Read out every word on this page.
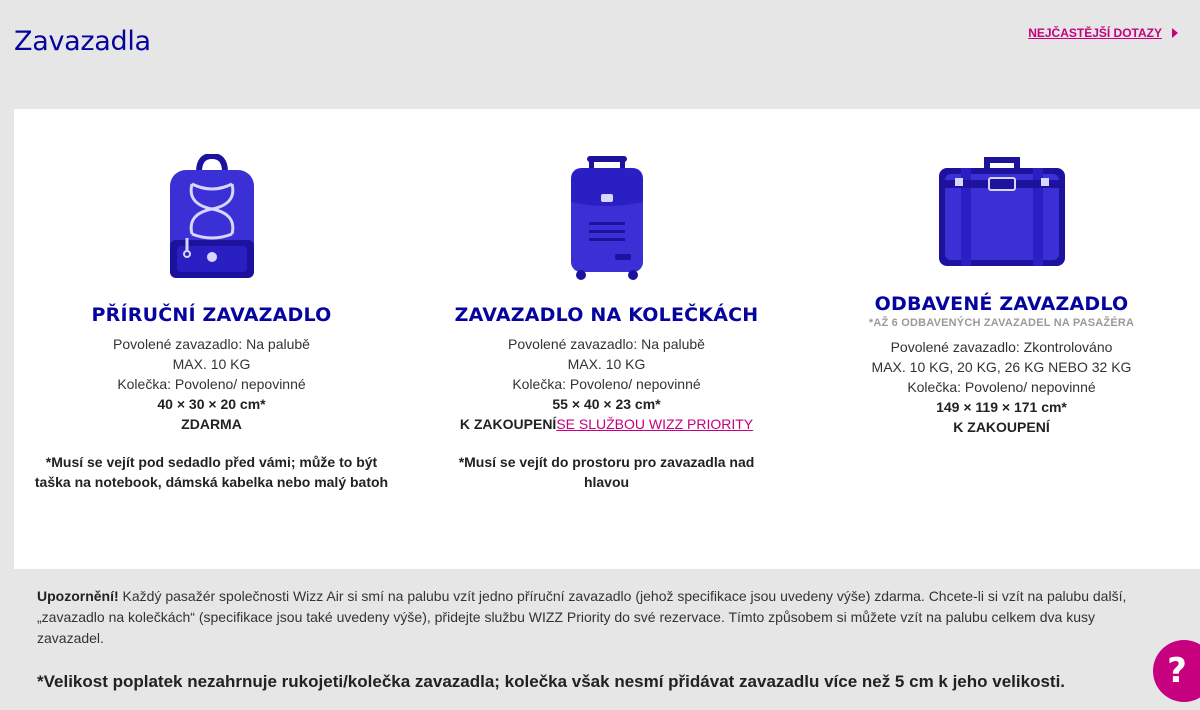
Zavazadla	NEJČASTĚJŠÍ DOTAZY
PŘÍRUČNÍ ZAVAZADLO
Povolené zavazadlo: Na palubě
MAX. 10 KG
Kolečka: Povoleno/ nepovinné
40 × 30 × 20 cm*
ZDARMA
*Musí se vejít pod sedadlo před vámi; může to být taška na notebook, dámská kabelka nebo malý batoh
ZAVAZADLO NA KOLEČKÁCH
Povolené zavazadlo: Na palubě
MAX. 10 KG
Kolečka: Povoleno/ nepovinné
55 × 40 × 23 cm*
K ZAKOUPENÍSE SLUŽBOU WIZZ PRIORITY
*Musí se vejít do prostoru pro zavazadla nad hlavou
ODBAVENÉ ZAVAZADLO
*AŽ 6 ODBAVENÝCH ZAVAZADEL NA PASAŽÉRA
Povolené zavazadlo: Zkontrolováno
MAX. 10 KG, 20 KG, 26 KG NEBO 32 KG
Kolečka: Povoleno/ nepovinné
149 × 119 × 171 cm*
K ZAKOUPENÍ
Upozornění! Každý pasažér společnosti Wizz Air si smí na palubu vzít jedno příruční zavazadlo (jehož specifikace jsou uvedeny výše) zdarma. Chcete-li si vzít na palubu další, „zavazadlo na kolečkách“ (specifikace jsou také uvedeny výše), přidejte službu WIZZ Priority do své rezervace. Tímto způsobem si můžete vzít na palubu celkem dva kusy zavazadel.
*Velikost poplatek nezahrnuje rukojeti/kolečka zavazadla; kolečka však nesmí přidávat zavazadlu více než 5 cm k jeho velikosti.	?
